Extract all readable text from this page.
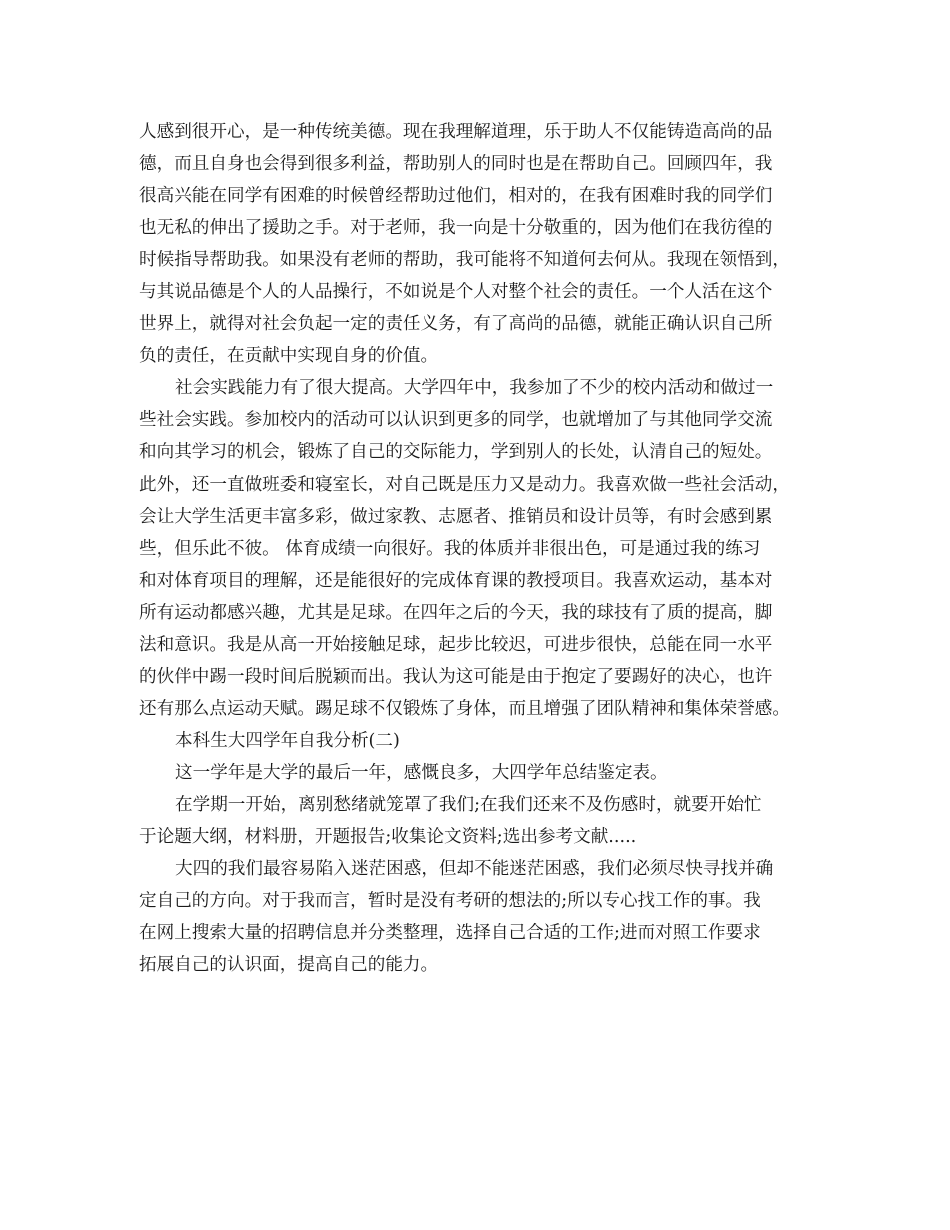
人感到很开心，是一种传统美德。现在我理解道理，乐于助人不仅能铸造高尚的品
德，而且自身也会得到很多利益，帮助别人的同时也是在帮助自己。回顾四年，我
很高兴能在同学有困难的时候曾经帮助过他们，相对的，在我有困难时我的同学们
也无私的伸出了援助之手。对于老师，我一向是十分敬重的，因为他们在我彷徨的
时候指导帮助我。如果没有老师的帮助，我可能将不知道何去何从。我现在领悟到，
与其说品德是个人的人品操行，不如说是个人对整个社会的责任。一个人活在这个
世界上，就得对社会负起一定的责任义务，有了高尚的品德，就能正确认识自己所
负的责任，在贡献中实现自身的价值。
社会实践能力有了很大提高。大学四年中，我参加了不少的校内活动和做过一
些社会实践。参加校内的活动可以认识到更多的同学，也就增加了与其他同学交流
和向其学习的机会，锻炼了自己的交际能力，学到别人的长处，认清自己的短处。
此外，还一直做班委和寝室长，对自己既是压力又是动力。我喜欢做一些社会活动，
会让大学生活更丰富多彩，做过家教、志愿者、推销员和设计员等，有时会感到累
些，但乐此不彼。 体育成绩一向很好。我的体质并非很出色，可是通过我的练习
和对体育项目的理解，还是能很好的完成体育课的教授项目。我喜欢运动，基本对
所有运动都感兴趣，尤其是足球。在四年之后的今天，我的球技有了质的提高，脚
法和意识。我是从高一开始接触足球，起步比较迟，可进步很快，总能在同一水平
的伙伴中踢一段时间后脱颖而出。我认为这可能是由于抱定了要踢好的决心，也许
还有那么点运动天赋。踢足球不仅锻炼了身体，而且增强了团队精神和集体荣誉感。
本科生大四学年自我分析(二)
这一学年是大学的最后一年，感慨良多，大四学年总结鉴定表。
在学期一开始，离别愁绪就笼罩了我们;在我们还来不及伤感时，就要开始忙
于论题大纲，材料册，开题报告;收集论文资料;选出参考文献.....
大四的我们最容易陷入迷茫困惑，但却不能迷茫困惑，我们必须尽快寻找并确
定自己的方向。对于我而言，暂时是没有考研的想法的;所以专心找工作的事。我
在网上搜索大量的招聘信息并分类整理，选择自己合适的工作;进而对照工作要求
拓展自己的认识面，提高自己的能力。
